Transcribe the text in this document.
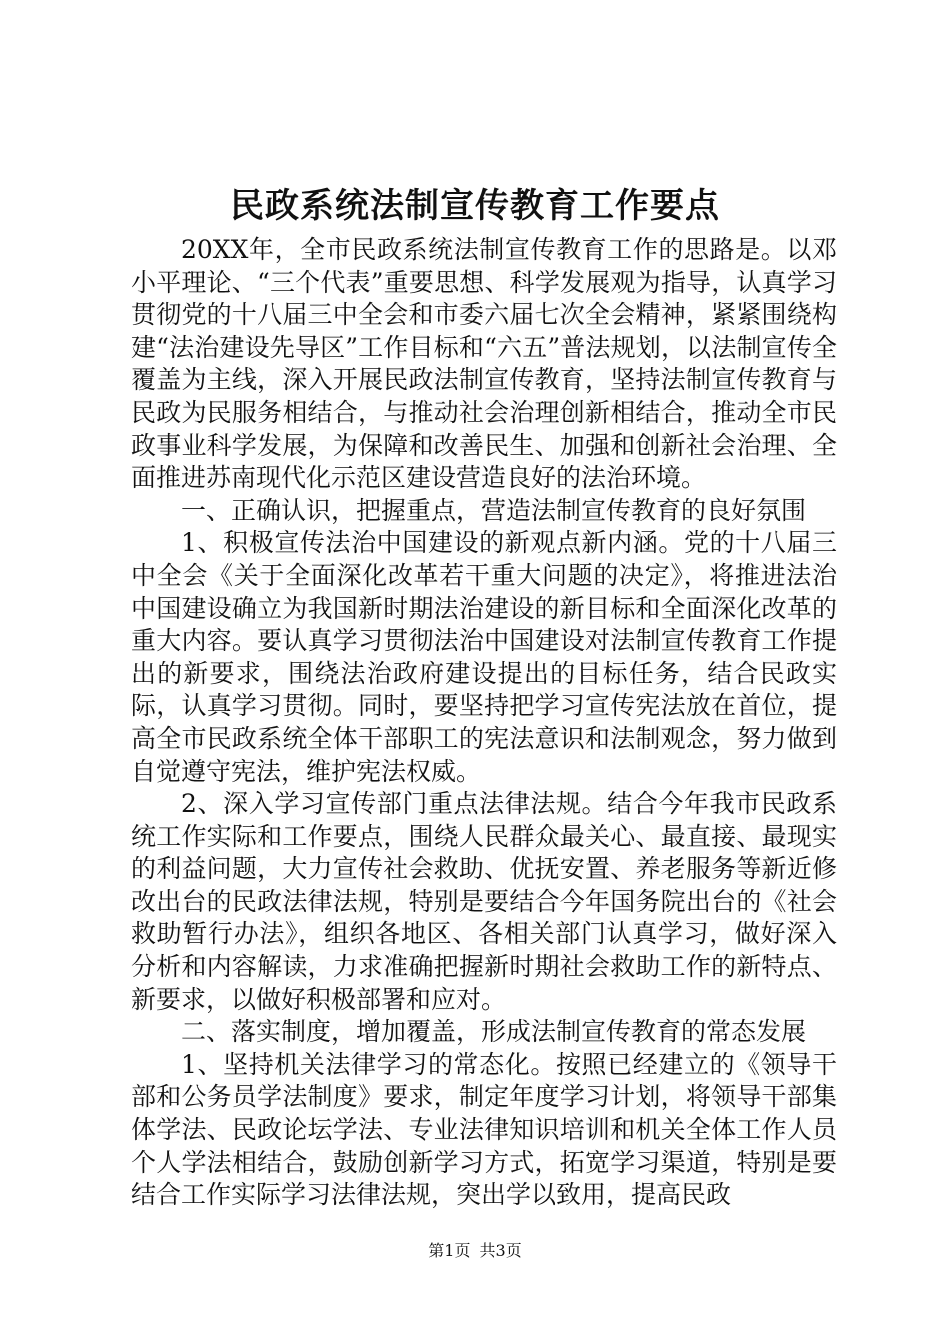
民政系统法制宣传教育工作要点

20XX年，全市民政系统法制宣传教育工作的思路是。以邓小平理论、“三个代表”重要思想、科学发展观为指导，认真学习贯彻党的十八届三中全会和市委六届七次全会精神，紧紧围绕构建“法治建设先导区”工作目标和“六五”普法规划，以法制宣传全覆盖为主线，深入开展民政法制宣传教育，坚持法制宣传教育与民政为民服务相结合，与推动社会治理创新相结合，推动全市民政事业科学发展，为保障和改善民生、加强和创新社会治理、全面推进苏南现代化示范区建设营造良好的法治环境。

一、正确认识，把握重点，营造法制宣传教育的良好氛围

1、积极宣传法治中国建设的新观点新内涵。党的十八届三中全会《关于全面深化改革若干重大问题的决定》，将推进法治中国建设确立为我国新时期法治建设的新目标和全面深化改革的重大内容。要认真学习贯彻法治中国建设对法制宣传教育工作提出的新要求，围绕法治政府建设提出的目标任务，结合民政实际，认真学习贯彻。同时，要坚持把学习宣传宪法放在首位，提高全市民政系统全体干部职工的宪法意识和法制观念，努力做到自觉遵守宪法，维护宪法权威。

2、深入学习宣传部门重点法律法规。结合今年我市民政系统工作实际和工作要点，围绕人民群众最关心、最直接、最现实的利益问题，大力宣传社会救助、优抚安置、养老服务等新近修改出台的民政法律法规，特别是要结合今年国务院出台的《社会救助暂行办法》，组织各地区、各相关部门认真学习，做好深入分析和内容解读，力求准确把握新时期社会救助工作的新特点、新要求，以做好积极部署和应对。

二、落实制度，增加覆盖，形成法制宣传教育的常态发展

1、坚持机关法律学习的常态化。按照已经建立的《领导干部和公务员学法制度》要求，制定年度学习计划，将领导干部集体学法、民政论坛学法、专业法律知识培训和机关全体工作人员个人学法相结合，鼓励创新学习方式，拓宽学习渠道，特别是要结合工作实际学习法律法规，突出学以致用，提高民政

第1页 共3页
